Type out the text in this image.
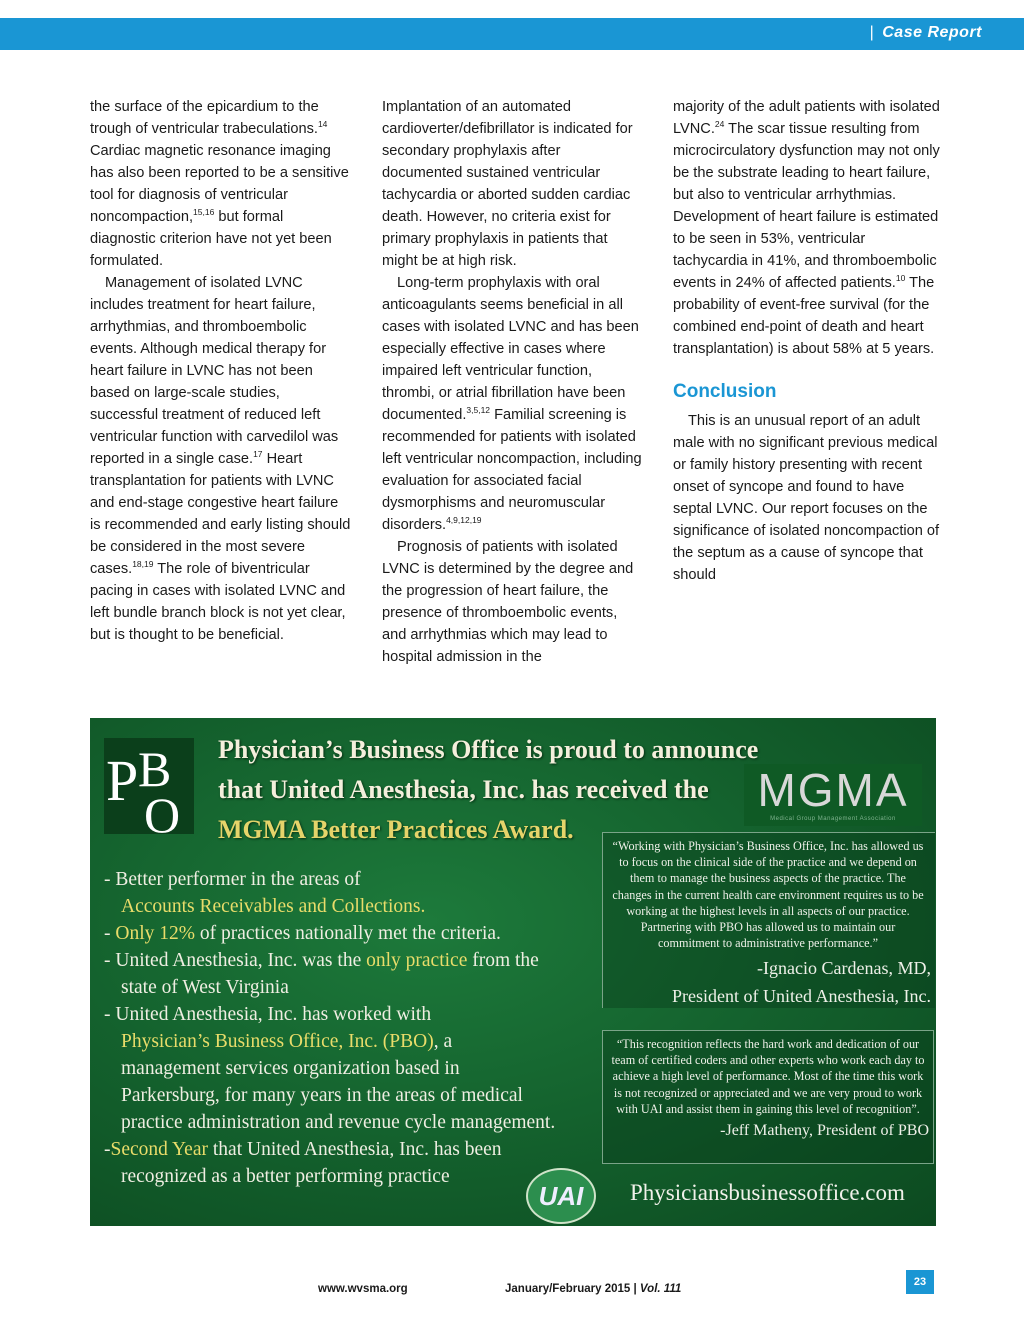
| Case Report

the surface of the epicardium to the trough of ventricular trabeculations.$^{14}$ Cardiac magnetic resonance imaging has also been reported to be a sensitive tool for diagnosis of ventricular noncompaction,$^{15,16}$ but formal diagnostic criterion have not yet been formulated.

Management of isolated LVNC includes treatment for heart failure, arrhythmias, and thromboembolic events. Although medical therapy for heart failure in LVNC has not been based on large-scale studies, successful treatment of reduced left ventricular function with carvedilol was reported in a single case.$^{17}$ Heart transplantation for patients with LVNC and end-stage congestive heart failure is recommended and early listing should be considered in the most severe cases.$^{18,19}$ The role of biventricular pacing in cases with isolated LVNC and left bundle branch block is not yet clear, but is thought to be beneficial.

Implantation of an automated cardioverter/defibrillator is indicated for secondary prophylaxis after documented sustained ventricular tachycardia or aborted sudden cardiac death. However, no criteria exist for primary prophylaxis in patients that might be at high risk.

Long-term prophylaxis with oral anticoagulants seems beneficial in all cases with isolated LVNC and has been especially effective in cases where impaired left ventricular function, thrombi, or atrial fibrillation have been documented.$^{3,5,12}$ Familial screening is recommended for patients with isolated left ventricular noncompaction, including evaluation for associated facial dysmorphisms and neuromuscular disorders.$^{4,9,12,19}$

Prognosis of patients with isolated LVNC is determined by the degree and the progression of heart failure, the presence of thromboembolic events, and arrhythmias which may lead to hospital admission in the

majority of the adult patients with isolated LVNC.$^{24}$ The scar tissue resulting from microcirculatory dysfunction may not only be the substrate leading to heart failure, but also to ventricular arrhythmias. Development of heart failure is estimated to be seen in 53%, ventricular tachycardia in 41%, and thromboembolic events in 24% of affected patients.$^{10}$ The probability of event-free survival (for the combined end-point of death and heart transplantation) is about 58% at 5 years.

Conclusion

This is an unusual report of an adult male with no significant previous medical or family history presenting with recent onset of syncope and found to have septal LVNC. Our report focuses on the significance of isolated noncompaction of the septum as a cause of syncope that should

P B
O
Physician’s Business Office is proud to announce
that United Anesthesia, Inc. has received the
MGMA Better Practices Award.
MGMA
Medical Group Management Association
- Better performer in the areas of
Accounts Receivables and Collections.
- Only 12% of practices nationally met the criteria.
- United Anesthesia, Inc. was the only practice from the
state of West Virginia
- United Anesthesia, Inc. has worked with
Physician’s Business Office, Inc. (PBO), a
management services organization based in
Parkersburg, for many years in the areas of medical
practice administration and revenue cycle management.
-Second Year that United Anesthesia, Inc. has been
recognized as a better performing practice
“Working with Physician’s Business Office, Inc. has allowed us to focus on the clinical side of the practice and we depend on them to manage the business aspects of the practice. The changes in the current health care environment requires us to be working at the highest levels in all aspects of our practice. Partnering with PBO has allowed us to maintain our commitment to administrative performance.”
-Ignacio Cardenas, MD,
President of United Anesthesia, Inc.
“This recognition reflects the hard work and dedication of our team of certified coders and other experts who work each day to achieve a high level of performance. Most of the time this work is not recognized or appreciated and we are very proud to work with UAI and assist them in gaining this level of recognition”.
-Jeff Matheny, President of PBO
UAI	Physiciansbusinessoffice.com
www.wvsma.org	January/February 2015 | Vol. 111
23
